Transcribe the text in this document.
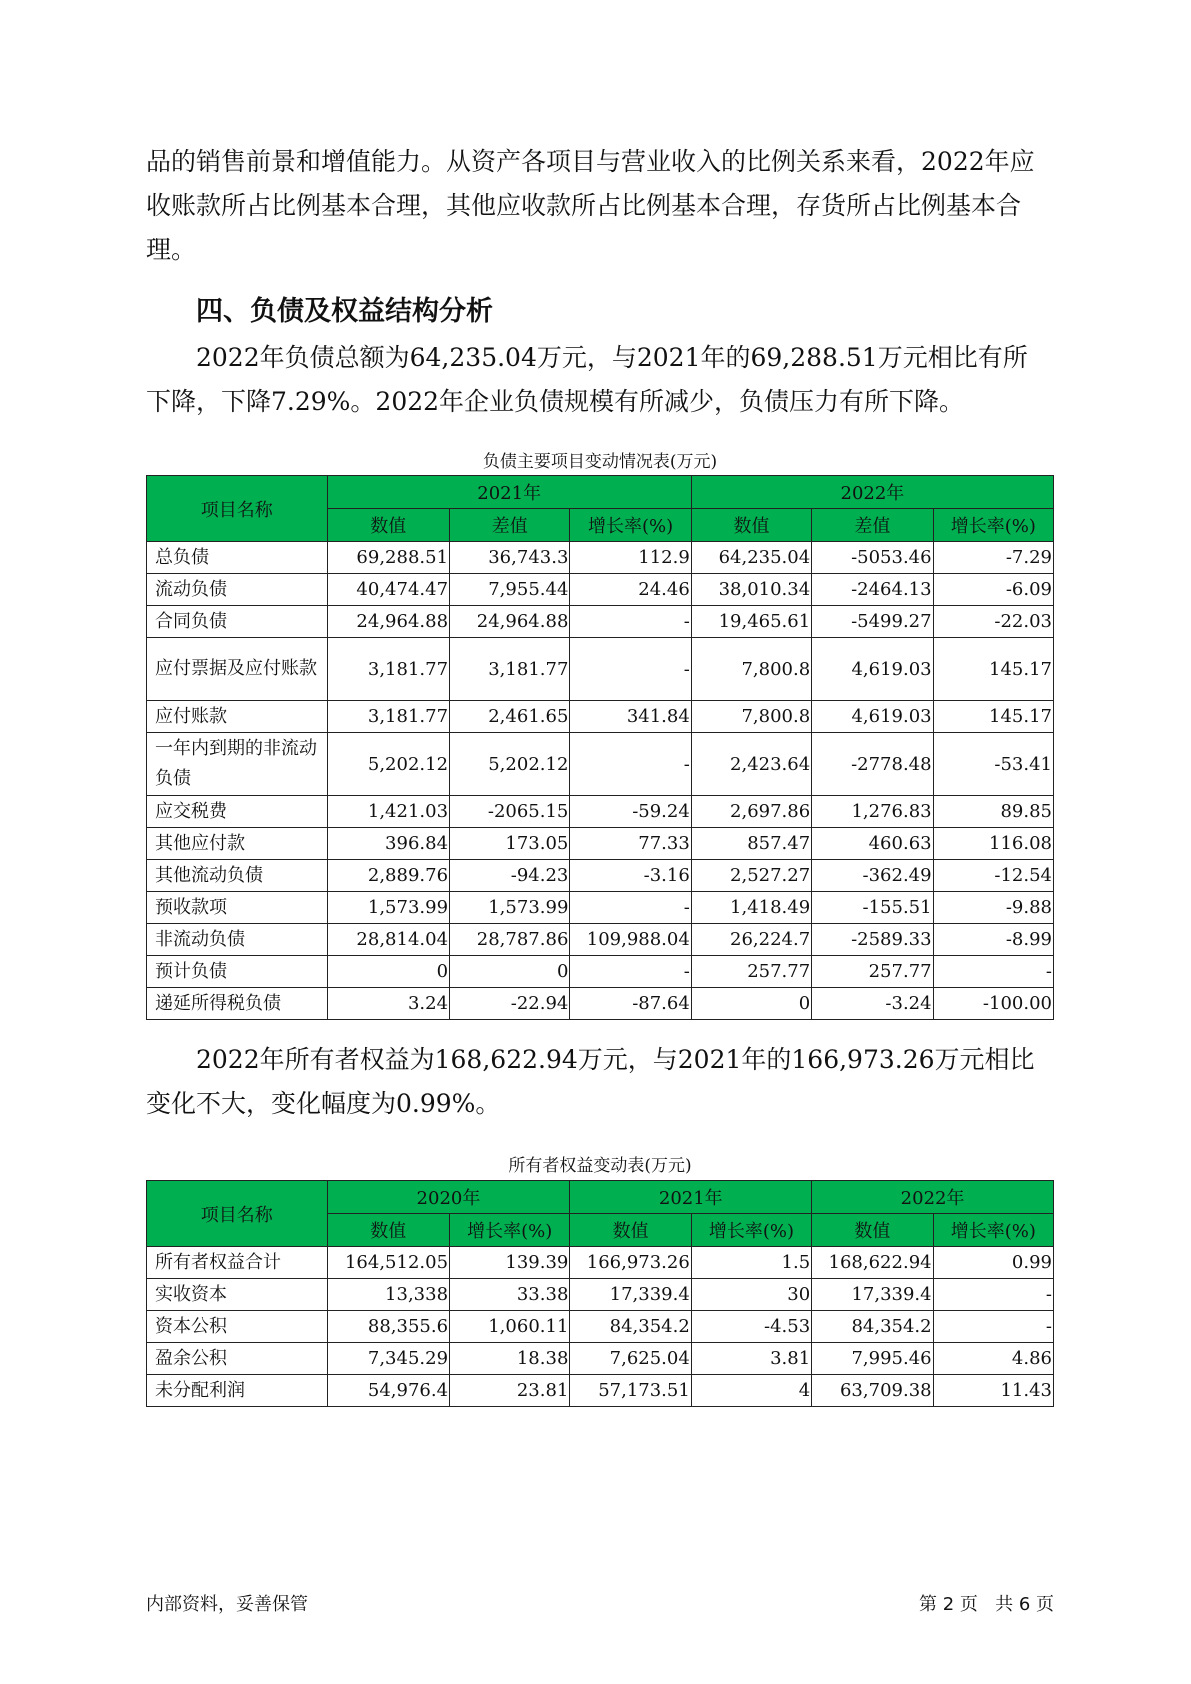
品的销售前景和增值能力。从资产各项目与营业收入的比例关系来看，2022年应收账款所占比例基本合理，其他应收款所占比例基本合理，存货所占比例基本合理。

四、负债及权益结构分析

2022年负债总额为64,235.04万元，与2021年的69,288.51万元相比有所下降，下降7.29%。2022年企业负债规模有所减少，负债压力有所下降。

负债主要项目变动情况表(万元)
项目名称	2021年			2022年		
	数值	差值	增长率(%)	数值	差值	增长率(%)
总负债	69,288.51	36,743.3	112.9	64,235.04	-5053.46	-7.29
流动负债	40,474.47	7,955.44	24.46	38,010.34	-2464.13	-6.09
合同负债	24,964.88	24,964.88	-	19,465.61	-5499.27	-22.03
应付票据及应付账款	3,181.77	3,181.77	-	7,800.8	4,619.03	145.17
应付账款	3,181.77	2,461.65	341.84	7,800.8	4,619.03	145.17
一年内到期的非流动负债	5,202.12	5,202.12	-	2,423.64	-2778.48	-53.41
应交税费	1,421.03	-2065.15	-59.24	2,697.86	1,276.83	89.85
其他应付款	396.84	173.05	77.33	857.47	460.63	116.08
其他流动负债	2,889.76	-94.23	-3.16	2,527.27	-362.49	-12.54
预收款项	1,573.99	1,573.99	-	1,418.49	-155.51	-9.88
非流动负债	28,814.04	28,787.86	109,988.04	26,224.7	-2589.33	-8.99
预计负债	0	0	-	257.77	257.77	-
递延所得税负债	3.24	-22.94	-87.64	0	-3.24	-100.00

2022年所有者权益为168,622.94万元，与2021年的166,973.26万元相比变化不大，变化幅度为0.99%。

所有者权益变动表(万元)
项目名称	2020年		2021年		2022年	
	数值	增长率(%)	数值	增长率(%)	数值	增长率(%)
所有者权益合计	164,512.05	139.39	166,973.26	1.5	168,622.94	0.99
实收资本	13,338	33.38	17,339.4	30	17,339.4	-
资本公积	88,355.6	1,060.11	84,354.2	-4.53	84,354.2	-
盈余公积	7,345.29	18.38	7,625.04	3.81	7,995.46	4.86
未分配利润	54,976.4	23.81	57,173.51	4	63,709.38	11.43
内部资料，妥善保管	第 2 页   共 6 页
